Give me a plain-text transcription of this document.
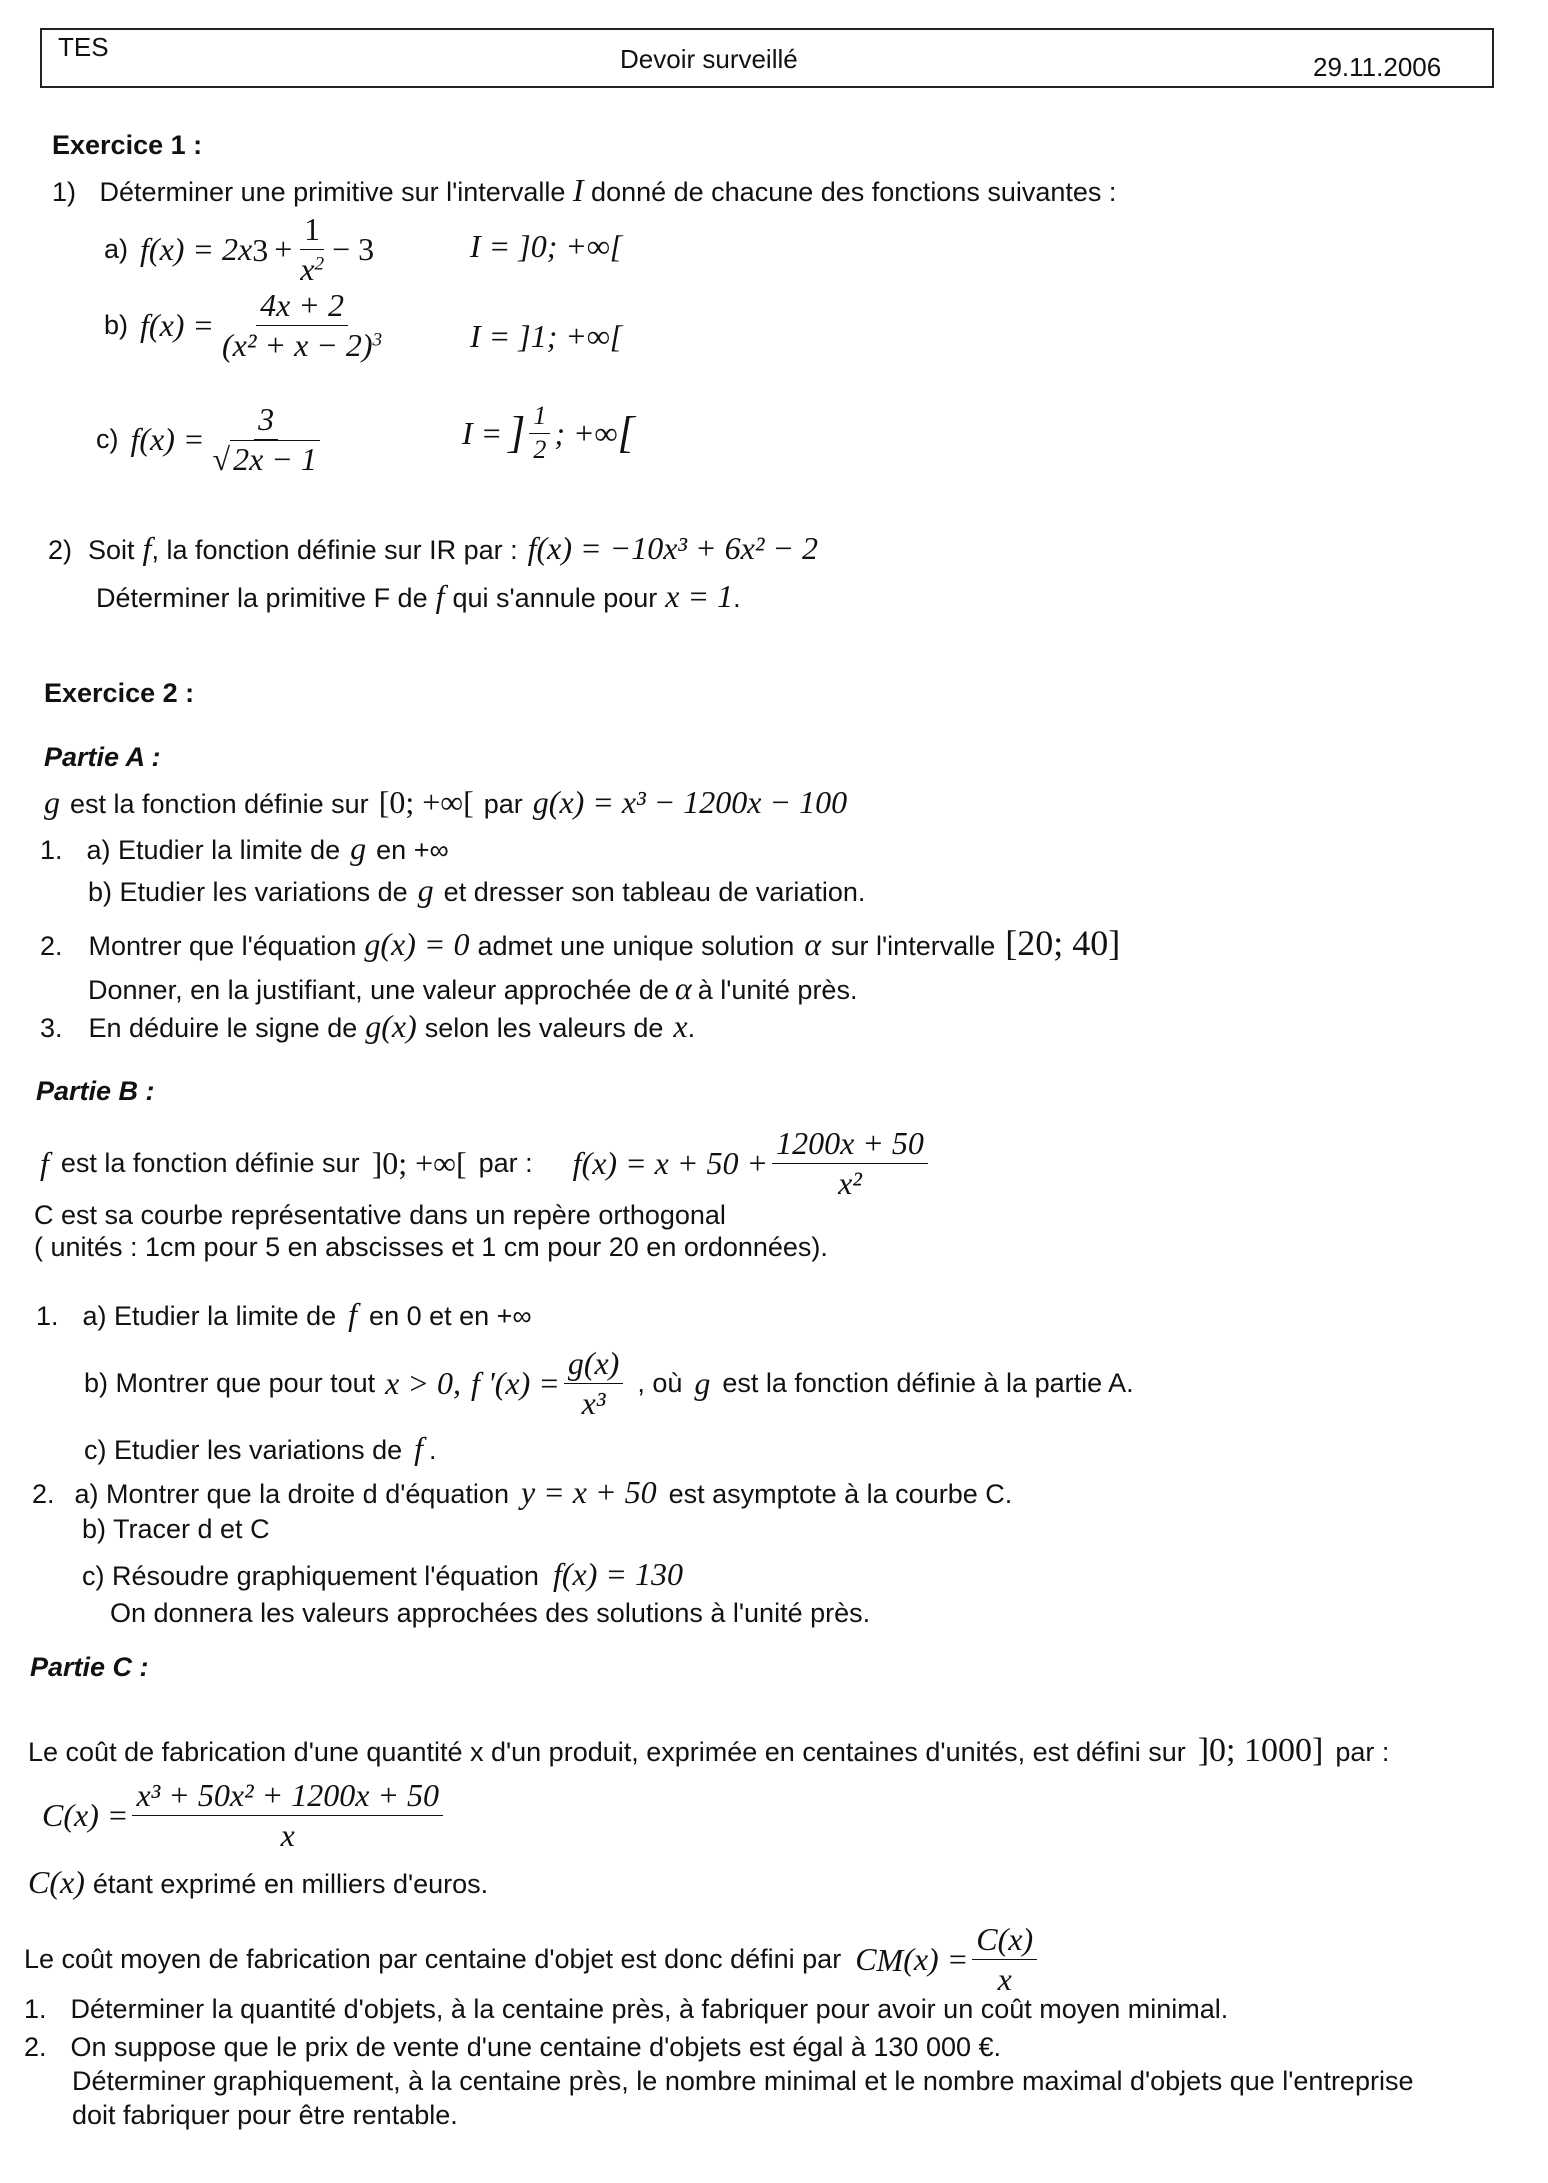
TES	Devoir surveillé	29.11.2006
Exercice 1 :
1) Déterminer une primitive sur l'intervalle I donné de chacune des fonctions suivantes :
a) f(x) = 2x $3 + \frac{1}{x^2} - 3$	I = ]0; +∞[
b) $f(x) = \frac{4x + 2}{(x^2 + x - 2)^3}$	I = ]1; +∞[
c) $f(x) = \frac{3}{√2x - 1}$	I = ] $\frac{1}{2}$ ; +∞ [
2) Soit f , la fonction définie sur IR par : f(x) = −10x³ + 6x² − 2
Déterminer la primitive F de f qui s'annule pour x = 1 .
Exercice 2 :
Partie A :
g est la fonction définie sur [0; +∞[ par g(x) = x³ − 1200x − 100
1. a) Etudier la limite de g en +∞
b) Etudier les variations de g et dresser son tableau de variation.
2. Montrer que l'équation g(x) = 0 admet une unique solution α sur l'intervalle [20; 40]
Donner, en la justifiant, une valeur approchée de α à l'unité près.
3. En déduire le signe de g(x) selon les valeurs de x .
Partie B :
f est la fonction définie sur ]0; +∞[ par : $f(x) = x + 50 + \frac{1200x + 50}{\text{x²}}$
C est sa courbe représentative dans un repère orthogonal
( unités : 1cm pour 5 en abscisses et 1 cm pour 20 en ordonnées).
1. a) Etudier la limite de f en 0 et en +∞
b) Montrer que pour tout x > 0, f '$(x) = \frac{g(x)}{\text{x³}}$ , où g est la fonction définie à la partie A.
c) Etudier les variations de f .
2. a) Montrer que la droite d d'équation y = x + 50 est asymptote à la courbe C.
b) Tracer d et C
c) Résoudre graphiquement l'équation f(x) = 130
On donnera les valeurs approchées des solutions à l'unité près.
Partie C :
Le coût de fabrication d'une quantité x d'un produit, exprimée en centaines d'unités, est défini sur ]0; 1000] par :
$C(x) = \frac{\text{x³ + 50x² + 1200x + 50}}{x}$
C(x) étant exprimé en milliers d'euros.
Le coût moyen de fabrication par centaine d'objet est donc défini par C M $(x) = \frac{C(x)}{x}$
1. Déterminer la quantité d'objets, à la centaine près, à fabriquer pour avoir un coût moyen minimal.
2. On suppose que le prix de vente d'une centaine d'objets est égal à 130 000 €.
Déterminer graphiquement, à la centaine près, le nombre minimal et le nombre maximal d'objets que l'entreprise
doit fabriquer pour être rentable.
